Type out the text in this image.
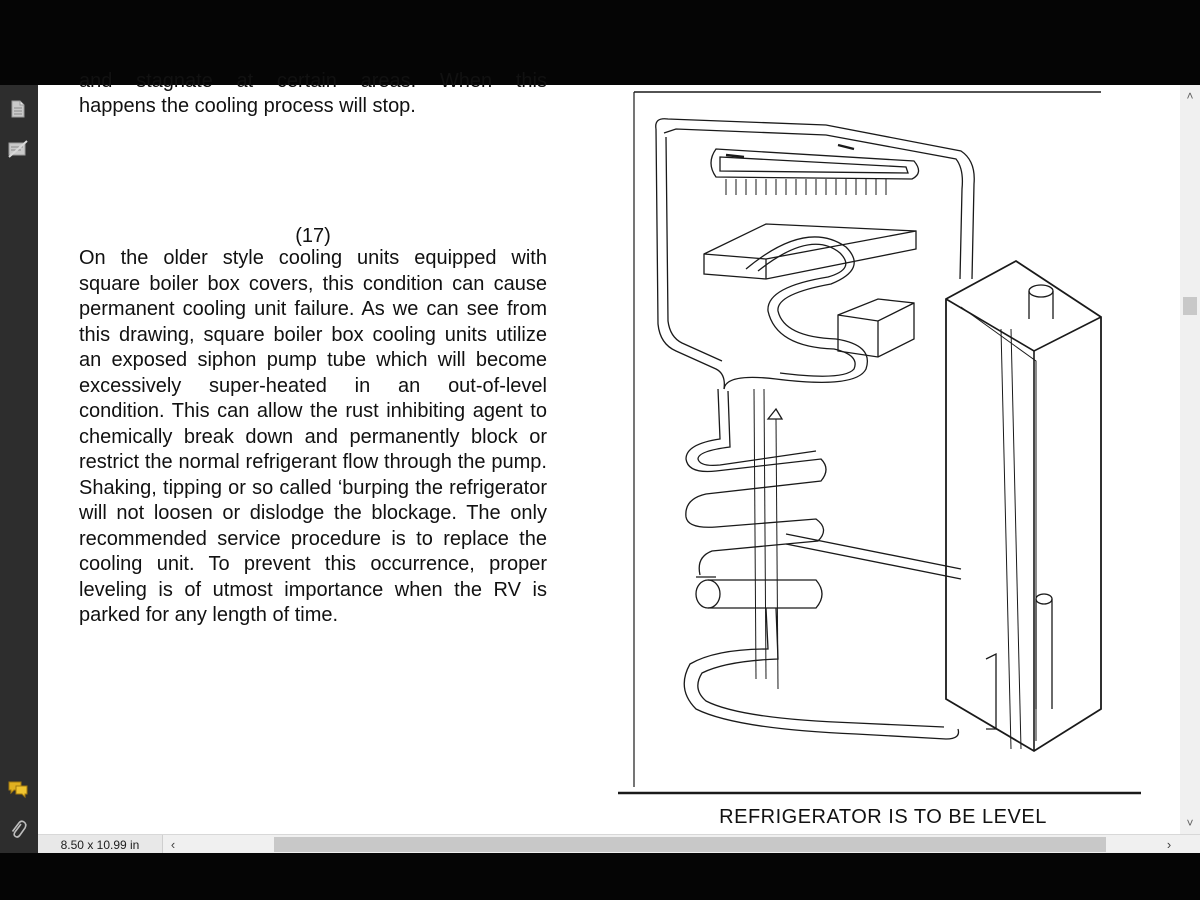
and stagnate at certain areas. When this
happens the cooling process will stop.
(17)
On the older style cooling units equipped with square boiler box covers, this condition can cause permanent cooling unit failure. As we can see from this drawing, square boiler box cooling units utilize an exposed siphon pump tube which will become excessively super-heated in an out-of-level condition. This can allow the rust inhibiting agent to chemically break down and permanently block or restrict the normal refrigerant flow through the pump. Shaking, tipping or so called ‘burping the refrigerator will not loosen or dislodge the blockage. The only recommended service procedure is to replace the cooling unit. To prevent this occurrence, proper leveling is of utmost importance when the RV is parked for any length of time.
REFRIGERATOR IS TO BE LEVEL
˄
˅
8.50 x 10.99 in	‹	›
